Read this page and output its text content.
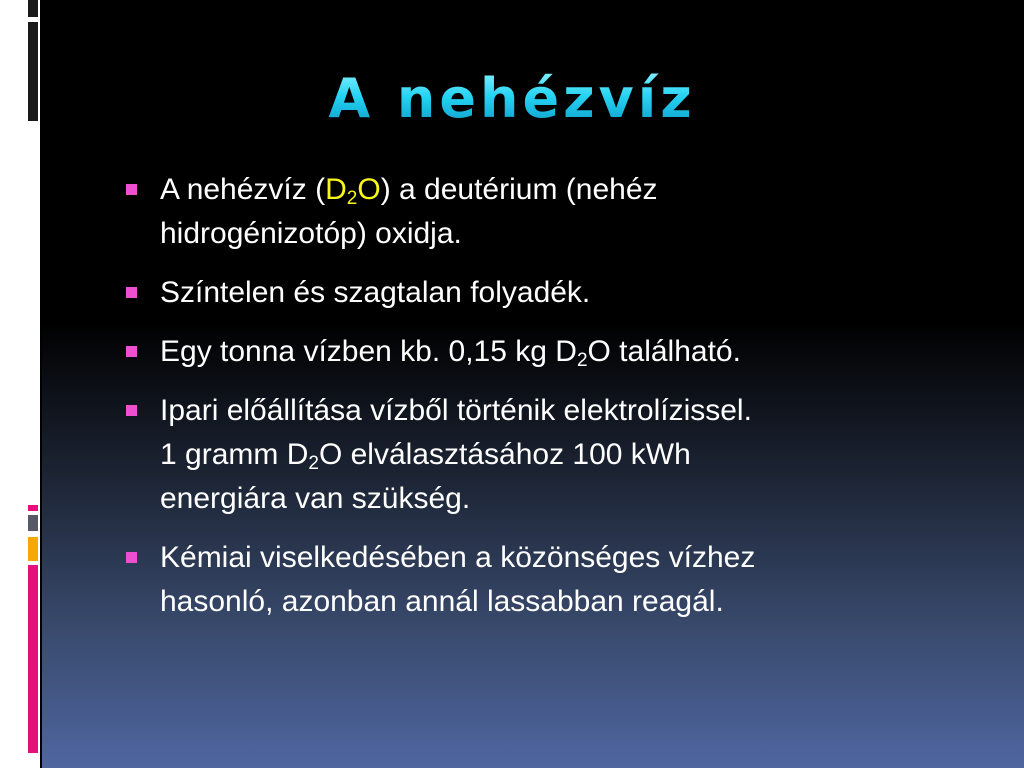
A nehézvíz
A nehézvíz $(D_2O)$ a deutérium (nehéz
hidrogénizotóp) oxidja.
Színtelen és szagtalan folyadék.
Egy tonna vízben kb. 0,15 kg $D_2O$ található.
Ipari előállítása vízből történik elektrolízissel.
1 gramm $D_2O$ elválasztásához 100 kWh
energiára van szükség.
Kémiai viselkedésében a közönséges vízhez
hasonló, azonban annál lassabban reagál.
